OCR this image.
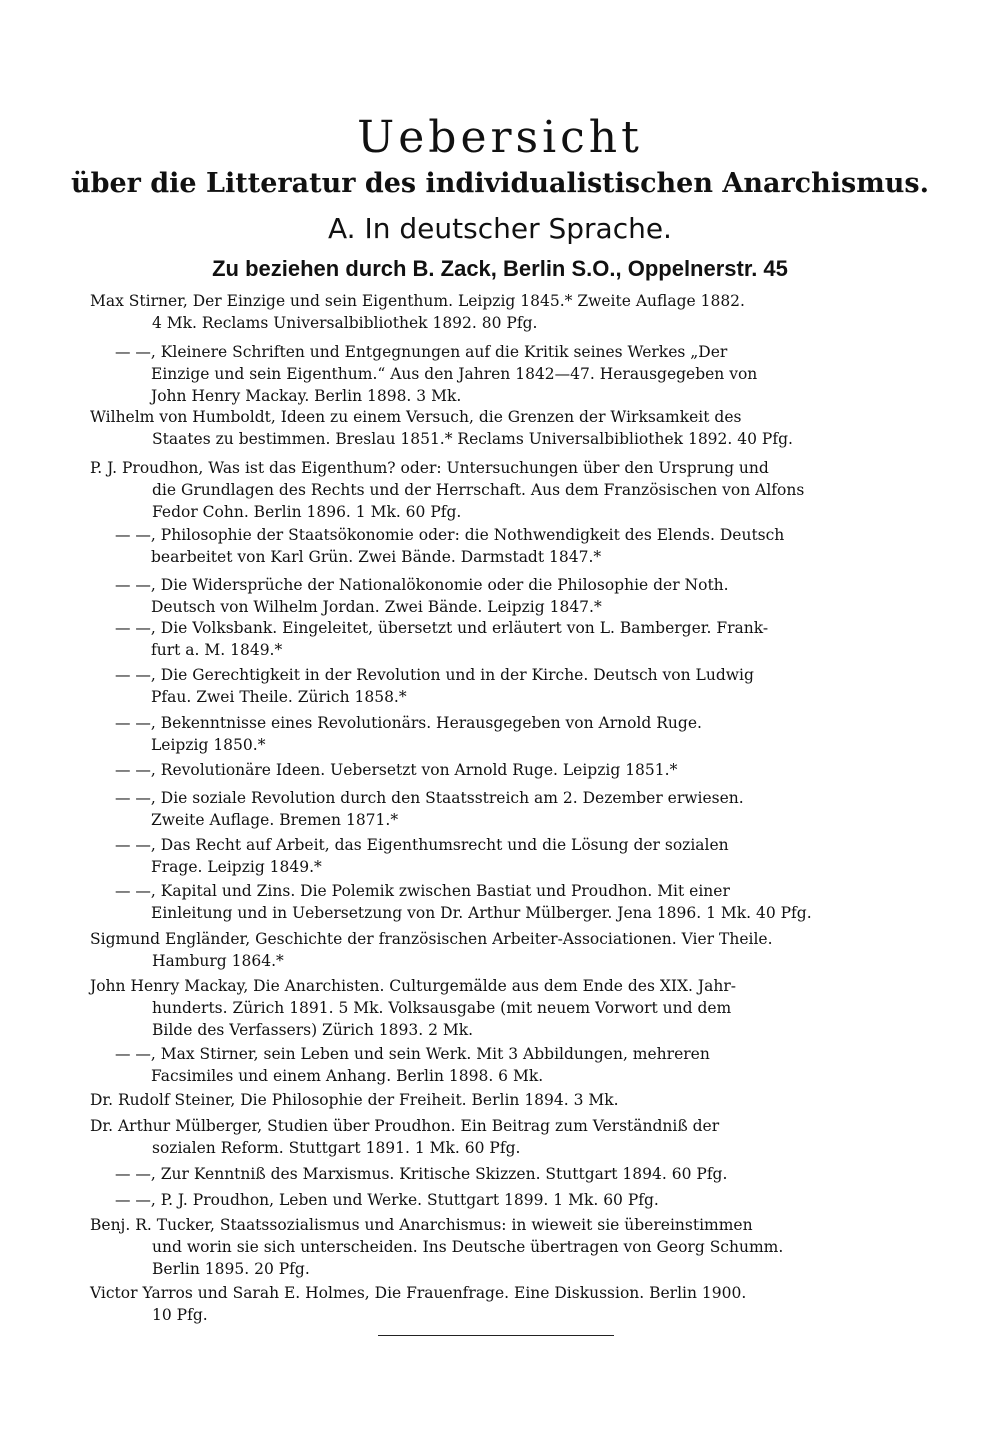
Uebersicht
über die Litteratur des individualistischen Anarchismus.
A. In deutscher Sprache.

Zu beziehen durch B. Zack, Berlin S.O., Oppelnerstr. 45

Max Stirner, Der Einzige und sein Eigenthum. Leipzig 1845.* Zweite Auflage 1882.
4 Mk. Reclams Universalbibliothek 1892. 80 Pfg.

— —, Kleinere Schriften und Entgegnungen auf die Kritik seines Werkes „Der
Einzige und sein Eigenthum.“ Aus den Jahren 1842—47. Herausgegeben von
John Henry Mackay. Berlin 1898. 3 Mk.

Wilhelm von Humboldt, Ideen zu einem Versuch, die Grenzen der Wirksamkeit des
Staates zu bestimmen. Breslau 1851.* Reclams Universalbibliothek 1892. 40 Pfg.

P. J. Proudhon, Was ist das Eigenthum? oder: Untersuchungen über den Ursprung und
die Grundlagen des Rechts und der Herrschaft. Aus dem Französischen von Alfons
Fedor Cohn. Berlin 1896. 1 Mk. 60 Pfg.

— —, Philosophie der Staatsökonomie oder: die Nothwendigkeit des Elends. Deutsch
bearbeitet von Karl Grün. Zwei Bände. Darmstadt 1847.*

— —, Die Widersprüche der Nationalökonomie oder die Philosophie der Noth.
Deutsch von Wilhelm Jordan. Zwei Bände. Leipzig 1847.*

— —, Die Volksbank. Eingeleitet, übersetzt und erläutert von L. Bamberger. Frank-
furt a. M. 1849.*

— —, Die Gerechtigkeit in der Revolution und in der Kirche. Deutsch von Ludwig
Pfau. Zwei Theile. Zürich 1858.*

— —, Bekenntnisse eines Revolutionärs. Herausgegeben von Arnold Ruge.
Leipzig 1850.*

— —, Revolutionäre Ideen. Uebersetzt von Arnold Ruge. Leipzig 1851.*

— —, Die soziale Revolution durch den Staatsstreich am 2. Dezember erwiesen.
Zweite Auflage. Bremen 1871.*

— —, Das Recht auf Arbeit, das Eigenthumsrecht und die Lösung der sozialen
Frage. Leipzig 1849.*

— —, Kapital und Zins. Die Polemik zwischen Bastiat und Proudhon. Mit einer
Einleitung und in Uebersetzung von Dr. Arthur Mülberger. Jena 1896. 1 Mk. 40 Pfg.

Sigmund Engländer, Geschichte der französischen Arbeiter-Associationen. Vier Theile.
Hamburg 1864.*

John Henry Mackay, Die Anarchisten. Culturgemälde aus dem Ende des XIX. Jahr-
hunderts. Zürich 1891. 5 Mk. Volksausgabe (mit neuem Vorwort und dem
Bilde des Verfassers) Zürich 1893. 2 Mk.

— —, Max Stirner, sein Leben und sein Werk. Mit 3 Abbildungen, mehreren
Facsimiles und einem Anhang. Berlin 1898. 6 Mk.

Dr. Rudolf Steiner, Die Philosophie der Freiheit. Berlin 1894. 3 Mk.

Dr. Arthur Mülberger, Studien über Proudhon. Ein Beitrag zum Verständniß der
sozialen Reform. Stuttgart 1891. 1 Mk. 60 Pfg.

— —, Zur Kenntniß des Marxismus. Kritische Skizzen. Stuttgart 1894. 60 Pfg.

— —, P. J. Proudhon, Leben und Werke. Stuttgart 1899. 1 Mk. 60 Pfg.

Benj. R. Tucker, Staatssozialismus und Anarchismus: in wieweit sie übereinstimmen
und worin sie sich unterscheiden. Ins Deutsche übertragen von Georg Schumm.
Berlin 1895. 20 Pfg.

Victor Yarros und Sarah E. Holmes, Die Frauenfrage. Eine Diskussion. Berlin 1900.
10 Pfg.
